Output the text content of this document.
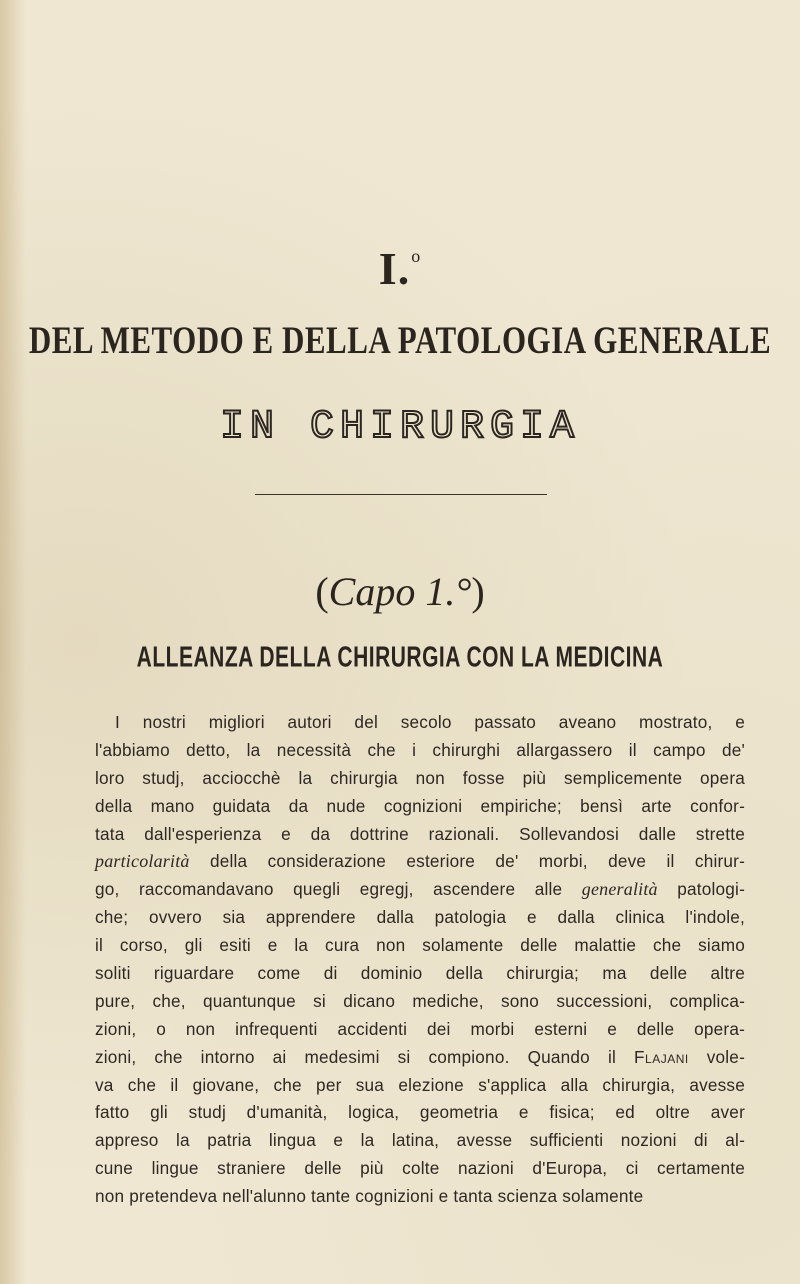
I.$^o$
DEL METODO E DELLA PATOLOGIA GENERALE
IN CHIRURGIA
(Capo 1.°)
ALLEANZA DELLA CHIRURGIA CON LA MEDICINA
I nostri migliori autori del secolo passato aveano mostrato, e
l'abbiamo detto, la necessità che i chirurghi allargassero il campo de'
loro studj, acciocchè la chirurgia non fosse più semplicemente opera
della mano guidata da nude cognizioni empiriche; bensì arte confor-
tata dall'esperienza e da dottrine razionali. Sollevandosi dalle strette
particolarità della considerazione esteriore de' morbi, deve il chirur-
go, raccomandavano quegli egregj, ascendere alle generalità patologi-
che; ovvero sia apprendere dalla patologia e dalla clinica l'indole,
il corso, gli esiti e la cura non solamente delle malattie che siamo
soliti riguardare come di dominio della chirurgia; ma delle altre
pure, che, quantunque si dicano mediche, sono successioni, complica-
zioni, o non infrequenti accidenti dei morbi esterni e delle opera-
zioni, che intorno ai medesimi si compiono. Quando il Flajani vole-
va che il giovane, che per sua elezione s'applica alla chirurgia, avesse
fatto gli studj d'umanità, logica, geometria e fisica; ed oltre aver
appreso la patria lingua e la latina, avesse sufficienti nozioni di al-
cune lingue straniere delle più colte nazioni d'Europa, ci certamente
non pretendeva nell'alunno tante cognizioni e tanta scienza solamente
